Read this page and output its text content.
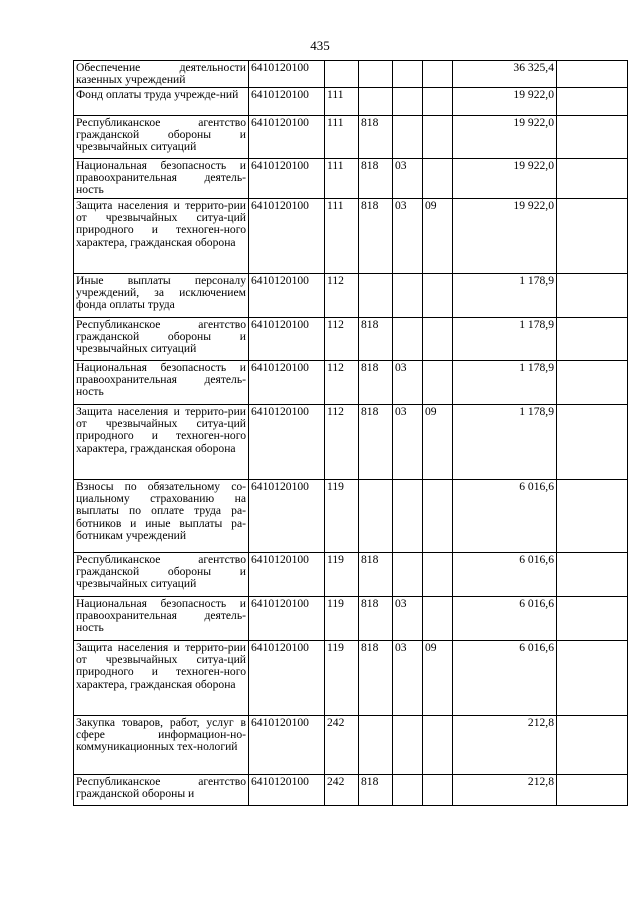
435
Обеспечение деятельности казенных учреждений	6410120100					36 325,4	
Фонд оплаты труда учрежде-ний	6410120100	111				19 922,0	
Республиканское агентство гражданской обороны и чрезвычайных ситуаций	6410120100	111	818			19 922,0	
Национальная безопасность и правоохранительная деятель-ность	6410120100	111	818	03		19 922,0	
Защита населения и террито-рии от чрезвычайных ситуа-ций природного и техноген-ного характера, гражданская оборона	6410120100	111	818	03	09	19 922,0	
Иные выплаты персоналу учреждений, за исключением фонда оплаты труда	6410120100	112				1 178,9	
Республиканское агентство гражданской обороны и чрезвычайных ситуаций	6410120100	112	818			1 178,9	
Национальная безопасность и правоохранительная деятель-ность	6410120100	112	818	03		1 178,9	
Защита населения и террито-рии от чрезвычайных ситуа-ций природного и техноген-ного характера, гражданская оборона	6410120100	112	818	03	09	1 178,9	
Взносы по обязательному со-циальному страхованию на выплаты по оплате труда ра-ботников и иные выплаты ра-ботникам учреждений	6410120100	119				6 016,6	
Республиканское агентство гражданской обороны и чрезвычайных ситуаций	6410120100	119	818			6 016,6	
Национальная безопасность и правоохранительная деятель-ность	6410120100	119	818	03		6 016,6	
Защита населения и террито-рии от чрезвычайных ситуа-ций природного и техноген-ного характера, гражданская оборона	6410120100	119	818	03	09	6 016,6	
Закупка товаров, работ, услуг в сфере информацион-но-коммуникационных тех-нологий	6410120100	242				212,8	
Республиканское агентство гражданской обороны и	6410120100	242	818			212,8	
